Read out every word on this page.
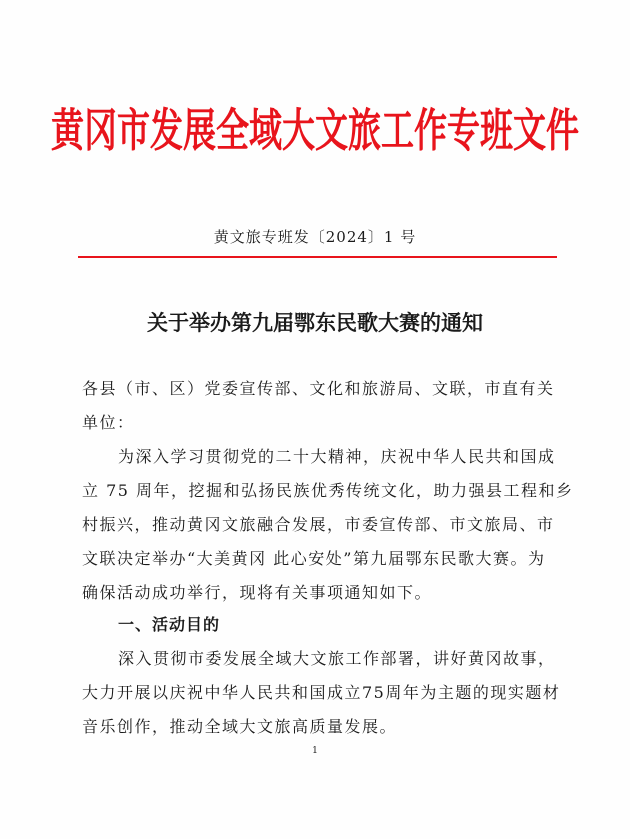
黄冈市发展全域大文旅工作专班文件
黄文旅专班发〔2024〕1 号
关于举办第九届鄂东民歌大赛的通知
各县（市、区）党委宣传部、文化和旅游局、文联，市直有关
单位：
为深入学习贯彻党的二十大精神，庆祝中华人民共和国成
立 75 周年，挖掘和弘扬民族优秀传统文化，助力强县工程和乡
村振兴，推动黄冈文旅融合发展，市委宣传部、市文旅局、市
文联决定举办“大美黄冈 此心安处”第九届鄂东民歌大赛。为
确保活动成功举行，现将有关事项通知如下。
一、活动目的
深入贯彻市委发展全域大文旅工作部署，讲好黄冈故事，
大力开展以庆祝中华人民共和国成立75周年为主题的现实题材
音乐创作，推动全域大文旅高质量发展。
1
